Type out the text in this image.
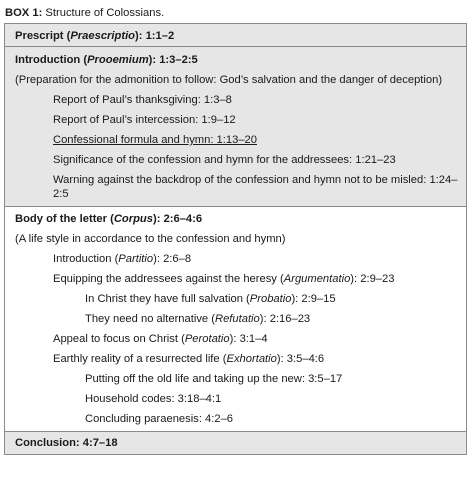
BOX 1: Structure of Colossians.
Prescript (Praescriptio): 1:1–2
Introduction (Prooemium): 1:3–2:5
(Preparation for the admonition to follow: God’s salvation and the danger of deception)
Report of Paul’s thanksgiving: 1:3–8
Report of Paul’s intercession: 1:9–12
Confessional formula and hymn: 1:13–20
Significance of the confession and hymn for the addressees: 1:21–23
Warning against the backdrop of the confession and hymn not to be misled: 1:24–2:5
Body of the letter (Corpus): 2:6–4:6
(A life style in accordance to the confession and hymn)
Introduction (Partitio): 2:6–8
Equipping the addressees against the heresy (Argumentatio): 2:9–23
In Christ they have full salvation (Probatio): 2:9–15
They need no alternative (Refutatio): 2:16–23
Appeal to focus on Christ (Perotatio): 3:1–4
Earthly reality of a resurrected life (Exhortatio): 3:5–4:6
Putting off the old life and taking up the new: 3:5–17
Household codes: 3:18–4:1
Concluding paraenesis: 4:2–6
Conclusion: 4:7–18
